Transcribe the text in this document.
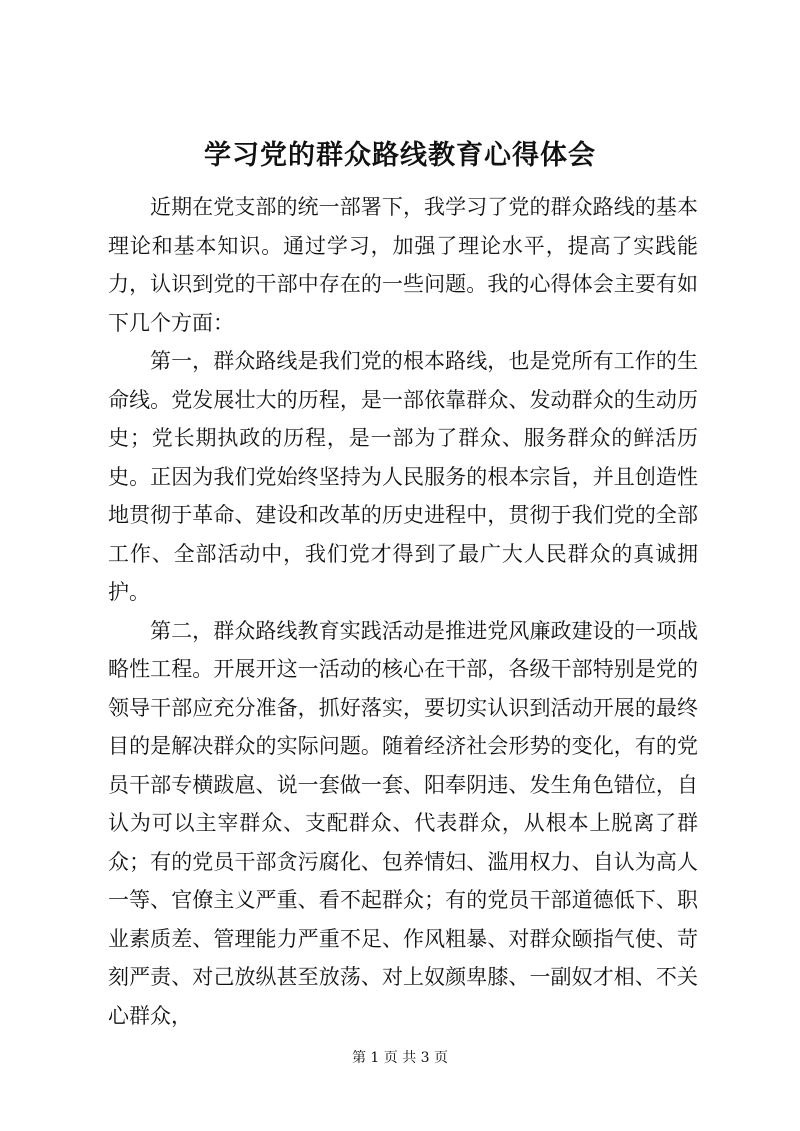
学习党的群众路线教育心得体会

近期在党支部的统一部署下，我学习了党的群众路线的基本理论和基本知识。通过学习，加强了理论水平，提高了实践能力，认识到党的干部中存在的一些问题。我的心得体会主要有如下几个方面：

第一，群众路线是我们党的根本路线，也是党所有工作的生命线。党发展壮大的历程，是一部依靠群众、发动群众的生动历史；党长期执政的历程，是一部为了群众、服务群众的鲜活历史。正因为我们党始终坚持为人民服务的根本宗旨，并且创造性地贯彻于革命、建设和改革的历史进程中，贯彻于我们党的全部工作、全部活动中，我们党才得到了最广大人民群众的真诚拥护。

第二，群众路线教育实践活动是推进党风廉政建设的一项战略性工程。开展开这一活动的核心在干部，各级干部特别是党的领导干部应充分准备，抓好落实，要切实认识到活动开展的最终目的是解决群众的实际问题。随着经济社会形势的变化，有的党员干部专横跋扈、说一套做一套、阳奉阴违、发生角色错位，自认为可以主宰群众、支配群众、代表群众，从根本上脱离了群众；有的党员干部贪污腐化、包养情妇、滥用权力、自认为高人一等、官僚主义严重、看不起群众；有的党员干部道德低下、职业素质差、管理能力严重不足、作风粗暴、对群众颐指气使、苛刻严责、对己放纵甚至放荡、对上奴颜卑膝、一副奴才相、不关心群众，

第 1 页 共 3 页
